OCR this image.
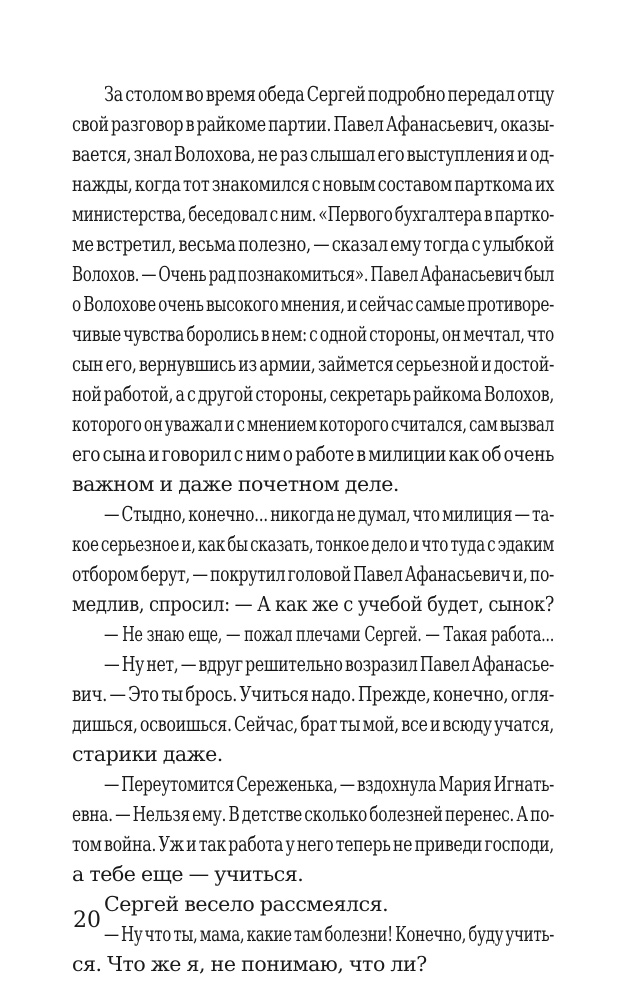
За столом во время обеда Сергей подробно передал отцу
свой разговор в райкоме партии. Павел Афанасьевич, оказы-
вается, знал Волохова, не раз слышал его выступления и од-
нажды, когда тот знакомился с новым составом парткома их
министерства, беседовал с ним. «Первого бухгалтера в партко-
ме встретил, весьма полезно, — сказал ему тогда с улыбкой
Волохов. — Очень рад познакомиться». Павел Афанасьевич был
о Волохове очень высокого мнения, и сейчас самые противоре-
чивые чувства боролись в нем: с одной стороны, он мечтал, что
сын его, вернувшись из армии, займется серьезной и достой-
ной работой, а с другой стороны, секретарь райкома Волохов,
которого он уважал и с мнением которого считался, сам вызвал
его сына и говорил с ним о работе в милиции как об очень
важном и даже почетном деле.
— Стыдно, конечно... никогда не думал, что милиция — та-
кое серьезное и, как бы сказать, тонкое дело и что туда с эдаким
отбором берут, — покрутил головой Павел Афанасьевич и, по-
медлив, спросил: — А как же с учебой будет, сынок?
— Не знаю еще, — пожал плечами Сергей. — Такая работа...
— Ну нет, — вдруг решительно возразил Павел Афанасье-
вич. — Это ты брось. Учиться надо. Прежде, конечно, огля-
дишься, освоишься. Сейчас, брат ты мой, все и всюду учатся,
старики даже.
— Переутомится Сереженька, — вздохнула Мария Игнать-
евна. — Нельзя ему. В детстве сколько болезней перенес. А по-
том война. Уж и так работа у него теперь не приведи господи,
а тебе еще — учиться.
Сергей весело рассмеялся.
— Ну что ты, мама, какие там болезни! Конечно, буду учить-
ся. Что же я, не понимаю, что ли?
20
